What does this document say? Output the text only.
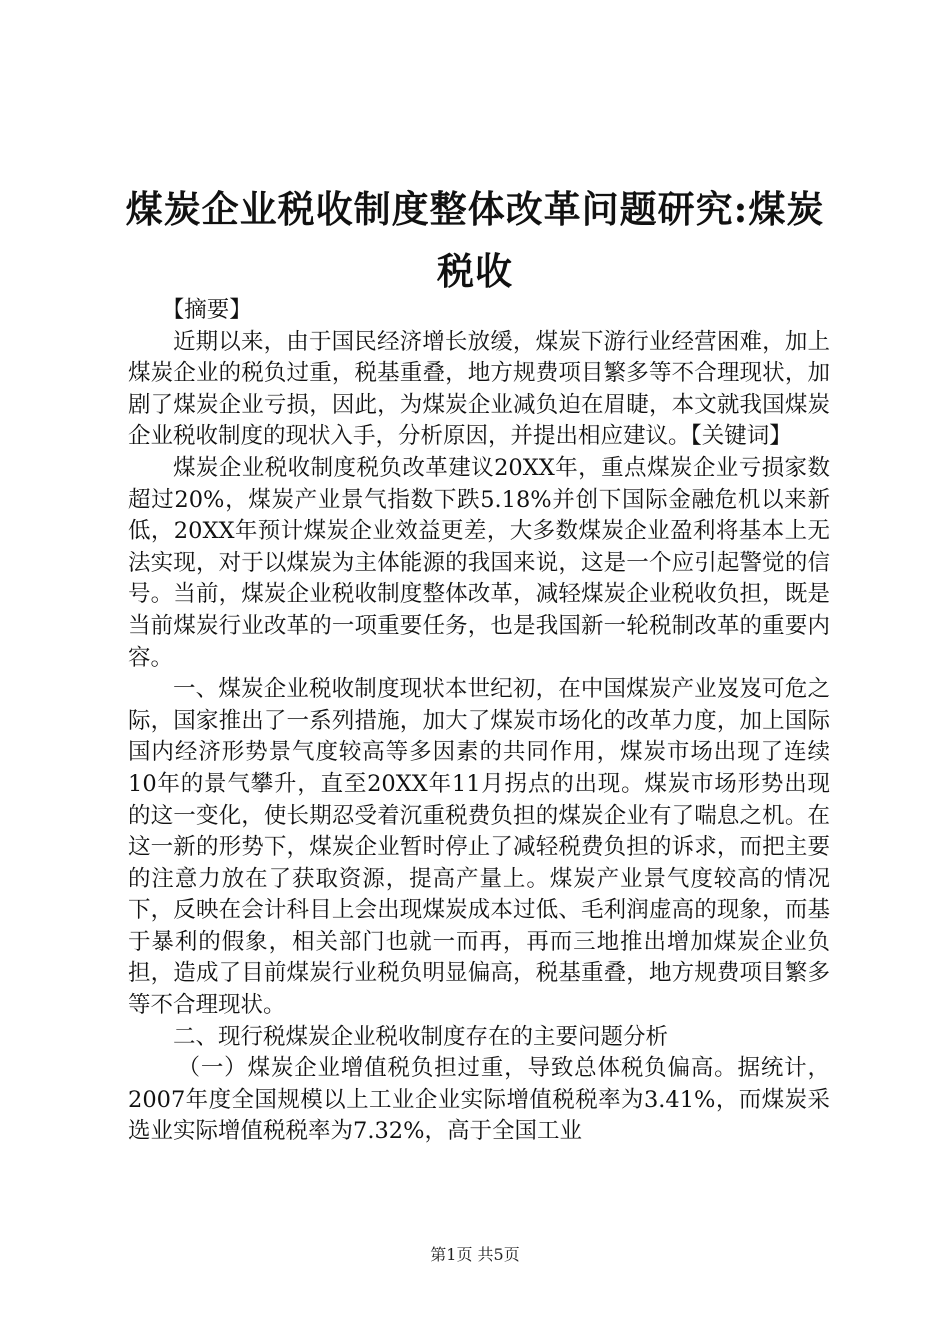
煤炭企业税收制度整体改革问题研究:煤炭税收

【摘要】

近期以来，由于国民经济增长放缓，煤炭下游行业经营困难，加上煤炭企业的税负过重，税基重叠，地方规费项目繁多等不合理现状，加剧了煤炭企业亏损，因此，为煤炭企业减负迫在眉睫，本文就我国煤炭企业税收制度的现状入手，分析原因，并提出相应建议。【关键词】

煤炭企业税收制度税负改革建议20XX年，重点煤炭企业亏损家数超过20%，煤炭产业景气指数下跌5.18%并创下国际金融危机以来新低，20XX年预计煤炭企业效益更差，大多数煤炭企业盈利将基本上无法实现，对于以煤炭为主体能源的我国来说，这是一个应引起警觉的信号。当前，煤炭企业税收制度整体改革，减轻煤炭企业税收负担，既是当前煤炭行业改革的一项重要任务，也是我国新一轮税制改革的重要内容。

一、煤炭企业税收制度现状本世纪初，在中国煤炭产业岌岌可危之际，国家推出了一系列措施，加大了煤炭市场化的改革力度，加上国际国内经济形势景气度较高等多因素的共同作用，煤炭市场出现了连续10年的景气攀升，直至20XX年11月拐点的出现。煤炭市场形势出现的这一变化，使长期忍受着沉重税费负担的煤炭企业有了喘息之机。在这一新的形势下，煤炭企业暂时停止了减轻税费负担的诉求，而把主要的注意力放在了获取资源，提高产量上。煤炭产业景气度较高的情况下，反映在会计科目上会出现煤炭成本过低、毛利润虚高的现象，而基于暴利的假象，相关部门也就一而再，再而三地推出增加煤炭企业负担，造成了目前煤炭行业税负明显偏高，税基重叠，地方规费项目繁多等不合理现状。

二、现行税煤炭企业税收制度存在的主要问题分析

（一）煤炭企业增值税负担过重，导致总体税负偏高。据统计，2007年度全国规模以上工业企业实际增值税税率为3.41%，而煤炭采选业实际增值税税率为7.32%，高于全国工业

第1页 共5页
